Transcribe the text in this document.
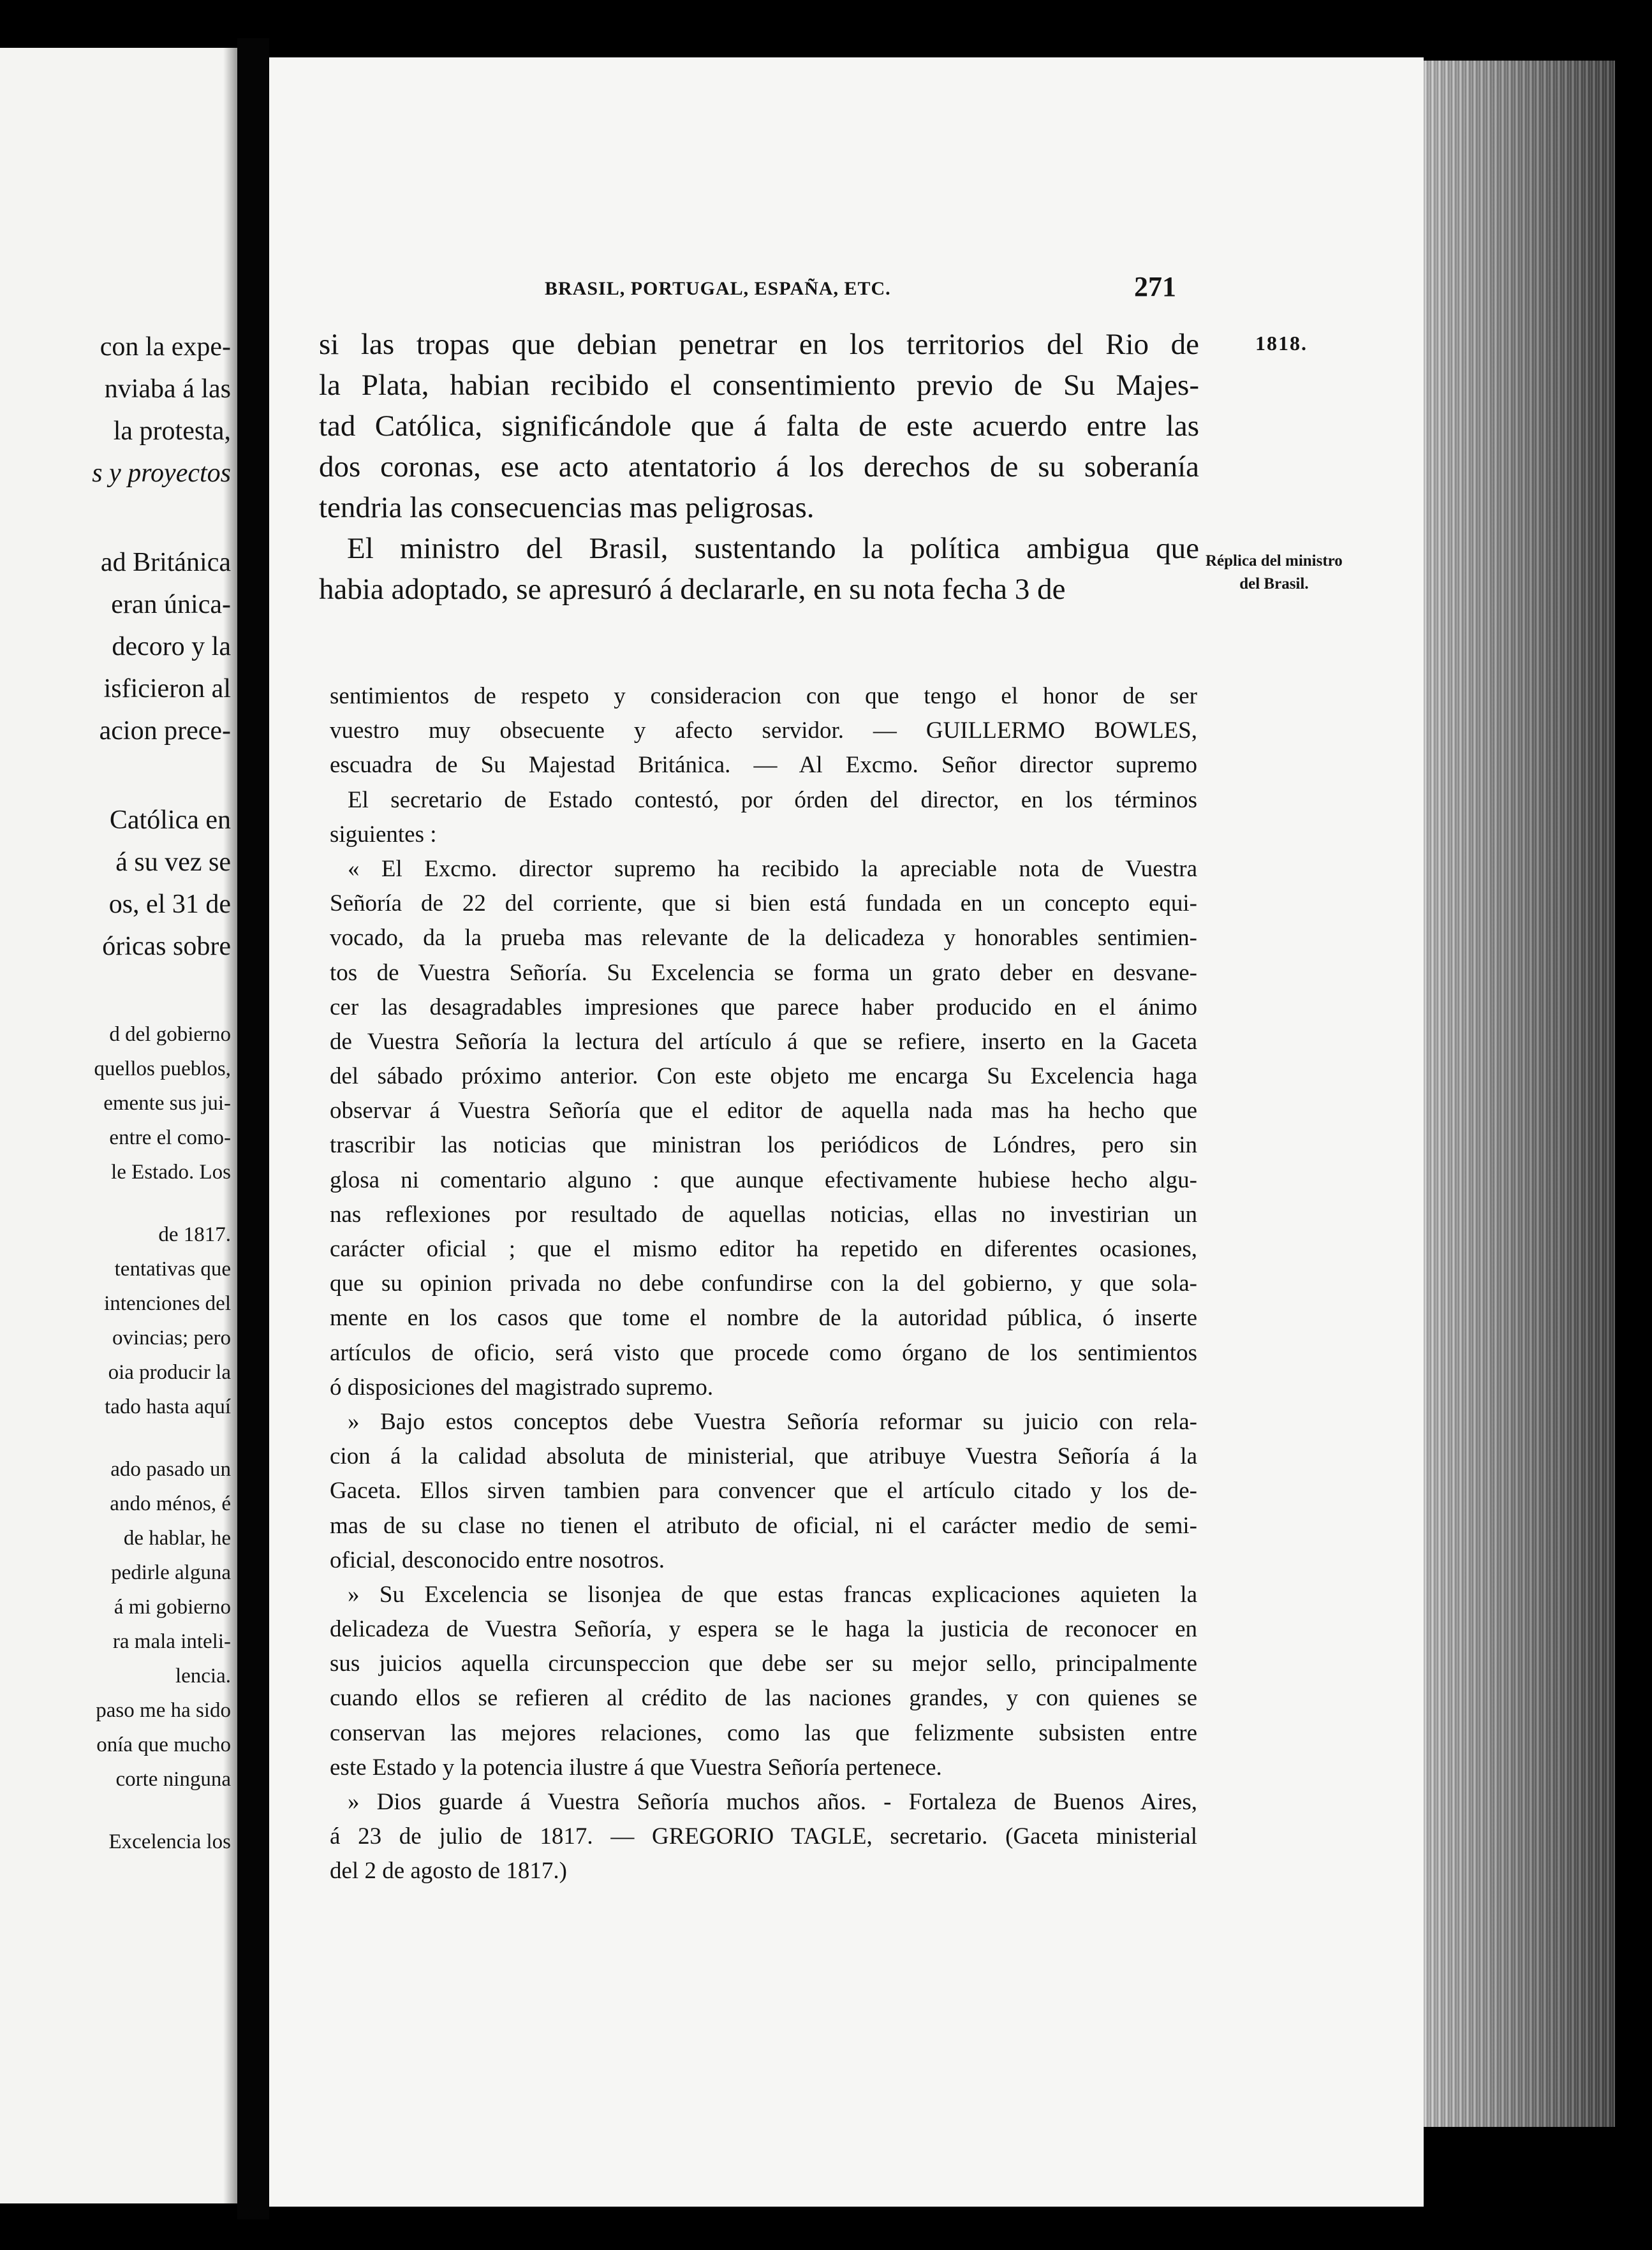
con la expe-

nviaba á las

la protesta,

s y proyectos

ad Británica

eran única-

decoro y la

isficieron al

acion prece-

Católica en

á su vez se

os, el 31 de

óricas sobre

d del gobierno

quellos pueblos,

emente sus jui-

entre el como-

le Estado. Los

de 1817.

tentativas que

intenciones del

ovincias; pero

oia producir la

tado hasta aquí

ado pasado un

ando ménos, é

de hablar, he

pedirle alguna

á mi gobierno

ra mala inteli-

lencia.

paso me ha sido

onía que mucho

corte ninguna

Excelencia los

BRASIL, PORTUGAL, ESPAÑA, ETC.	271

1818.

Réplica del ministro
del Brasil.
si las tropas que debian penetrar en los territorios del Rio de
la Plata, habian recibido el consentimiento previo de Su Majes-
tad Católica, significándole que á falta de este acuerdo entre las
dos coronas, ese acto atentatorio á los derechos de su soberanía
tendria las consecuencias mas peligrosas.
El ministro del Brasil, sustentando la política ambigua que
habia adoptado, se apresuró á declararle, en su nota fecha 3 de
sentimientos de respeto y consideracion con que tengo el honor de ser
vuestro muy obsecuente y afecto servidor. — GUILLERMO BOWLES,
escuadra de Su Majestad Británica. — Al Excmo. Señor director supremo
El secretario de Estado contestó, por órden del director, en los términos
siguientes :
« El Excmo. director supremo ha recibido la apreciable nota de Vuestra
Señoría de 22 del corriente, que si bien está fundada en un concepto equi-
vocado, da la prueba mas relevante de la delicadeza y honorables sentimien-
tos de Vuestra Señoría. Su Excelencia se forma un grato deber en desvane-
cer las desagradables impresiones que parece haber producido en el ánimo
de Vuestra Señoría la lectura del artículo á que se refiere, inserto en la Gaceta
del sábado próximo anterior. Con este objeto me encarga Su Excelencia haga
observar á Vuestra Señoría que el editor de aquella nada mas ha hecho que
trascribir las noticias que ministran los periódicos de Lóndres, pero sin
glosa ni comentario alguno : que aunque efectivamente hubiese hecho algu-
nas reflexiones por resultado de aquellas noticias, ellas no investirian un
carácter oficial ; que el mismo editor ha repetido en diferentes ocasiones,
que su opinion privada no debe confundirse con la del gobierno, y que sola-
mente en los casos que tome el nombre de la autoridad pública, ó inserte
artículos de oficio, será visto que procede como órgano de los sentimientos
ó disposiciones del magistrado supremo.
» Bajo estos conceptos debe Vuestra Señoría reformar su juicio con rela-
cion á la calidad absoluta de ministerial, que atribuye Vuestra Señoría á la
Gaceta. Ellos sirven tambien para convencer que el artículo citado y los de-
mas de su clase no tienen el atributo de oficial, ni el carácter medio de semi-
oficial, desconocido entre nosotros.
» Su Excelencia se lisonjea de que estas francas explicaciones aquieten la
delicadeza de Vuestra Señoría, y espera se le haga la justicia de reconocer en
sus juicios aquella circunspeccion que debe ser su mejor sello, principalmente
cuando ellos se refieren al crédito de las naciones grandes, y con quienes se
conservan las mejores relaciones, como las que felizmente subsisten entre
este Estado y la potencia ilustre á que Vuestra Señoría pertenece.
» Dios guarde á Vuestra Señoría muchos años. - Fortaleza de Buenos Aires,
á 23 de julio de 1817. — GREGORIO TAGLE, secretario. (Gaceta ministerial
del 2 de agosto de 1817.)
